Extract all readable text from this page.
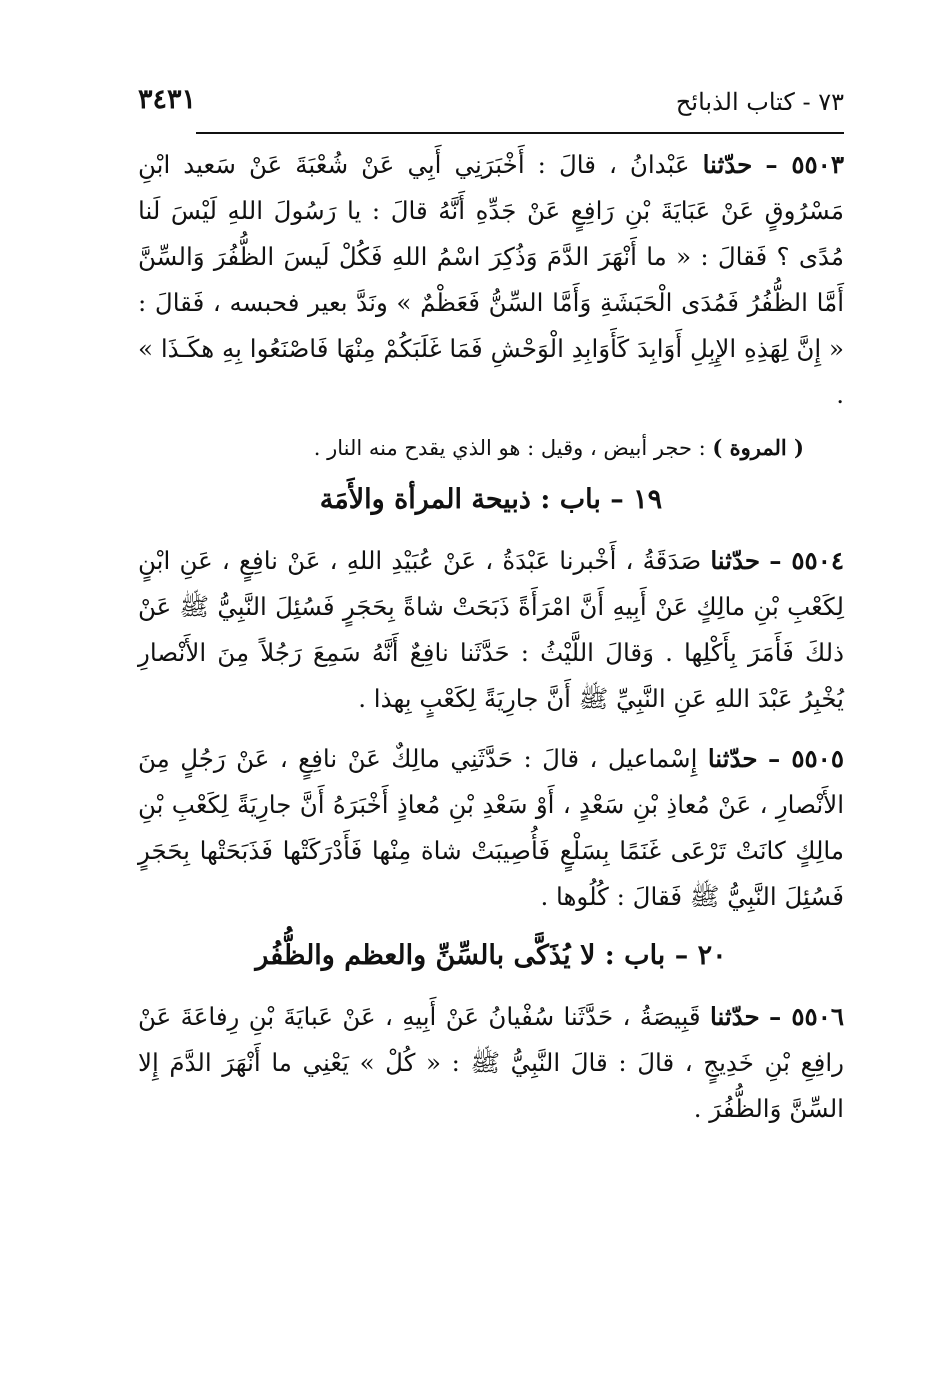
٧٣ - كتاب الذبائح
٣٤٣١

٥٥٠٣ – حدّثنا عَبْدانُ ، قالَ : أَخْبَرَنِي أَبِي عَنْ شُعْبَةَ عَنْ سَعيد ابْنِ مَسْرُوقٍ عَنْ عَبَايَةَ بْنِ رَافِعٍ عَنْ جَدِّهِ أَنَّهُ قالَ : يا رَسُولَ اللهِ لَيْسَ لَنا مُدًى ؟ فَقالَ : « ما أَنْهَرَ الدَّمَ وَذُكِرَ اسْمُ اللهِ فَكُلْ لَيسَ الظُّفُرَ وَالسِّنَّ أَمَّا الظُّفُرُ فَمُدَى الْحَبَشَةِ وَأَمَّا السِّنُّ فَعَظْمٌ » ونَدَّ بعير فحبسه ، فَقالَ : « إِنَّ لِهَذِهِ الإِبِلِ أَوَابِدَ كَأَوَابِدِ الْوَحْشِ فَمَا غَلَبَكُمْ مِنْهَا فَاصْنَعُوا بِهِ هكَـذَا » .

( المروة ) : حجر أبيض ، وقيل : هو الذي يقدح منه النار .

١٩ – باب : ذبيحة المرأة والأَمَة

٥٥٠٤ – حدّثنا صَدَقَةُ ، أَخْبرنا عَبْدَةُ ، عَنْ عُبَيْدِ اللهِ ، عَنْ نافِعٍ ، عَنِ ابْنٍ لِكَعْبِ بْنِ مالِكٍ عَنْ أَبِيهِ أَنَّ امْرَأَةً ذَبَحَتْ شاةً بِحَجَرٍ فَسُئِلَ النَّبِيُّ ﷺ عَنْ ذلكَ فَأَمَرَ بِأَكْلِها . وَقالَ اللَّيْثُ : حَدَّثَنا نافِعٌ أَنَّهُ سَمِعَ رَجُلاً مِنَ الأَنْصارِ يُخْبِرُ عَبْدَ اللهِ عَنِ النَّبِيِّ ﷺ أَنَّ جارِيَةً لِكَعْبٍ بِهذا .

٥٥٠٥ – حدّثنا إِسْماعيل ، قالَ : حَدَّثَنِي مالِكٌ عَنْ نافِعٍ ، عَنْ رَجُلٍ مِنَ الأَنْصارِ ، عَنْ مُعاذِ بْنِ سَعْدٍ ، أَوْ سَعْدِ بْنِ مُعاذٍ أَخْبَرَهُ أَنَّ جارِيَةً لِكَعْبِ بْنِ مالِكٍ كانَتْ تَرْعَى غَنَمًا بِسَلْعٍ فَأُصِيبَتْ شاة مِنْها فَأَدْرَكَتْها فَذَبَحَتْها بِحَجَرٍ فَسُئِلَ النَّبِيُّ ﷺ فَقالَ : كُلُوها .

٢٠ – باب : لا يُذَكَّى بالسِّنِّ والعظم والظُّفُر

٥٥٠٦ – حدّثنا قَبِيصَةُ ، حَدَّثَنا سُفْيانُ عَنْ أَبِيهِ ، عَنْ عَبايَةَ بْنِ رِفاعَةَ عَنْ رافِعِ بْنِ خَدِيجٍ ، قالَ : قالَ النَّبِيُّ ﷺ : « كُلْ » يَعْنِي ما أَنْهَرَ الدَّمَ إِلا السِّنَّ وَالظُّفُرَ .
